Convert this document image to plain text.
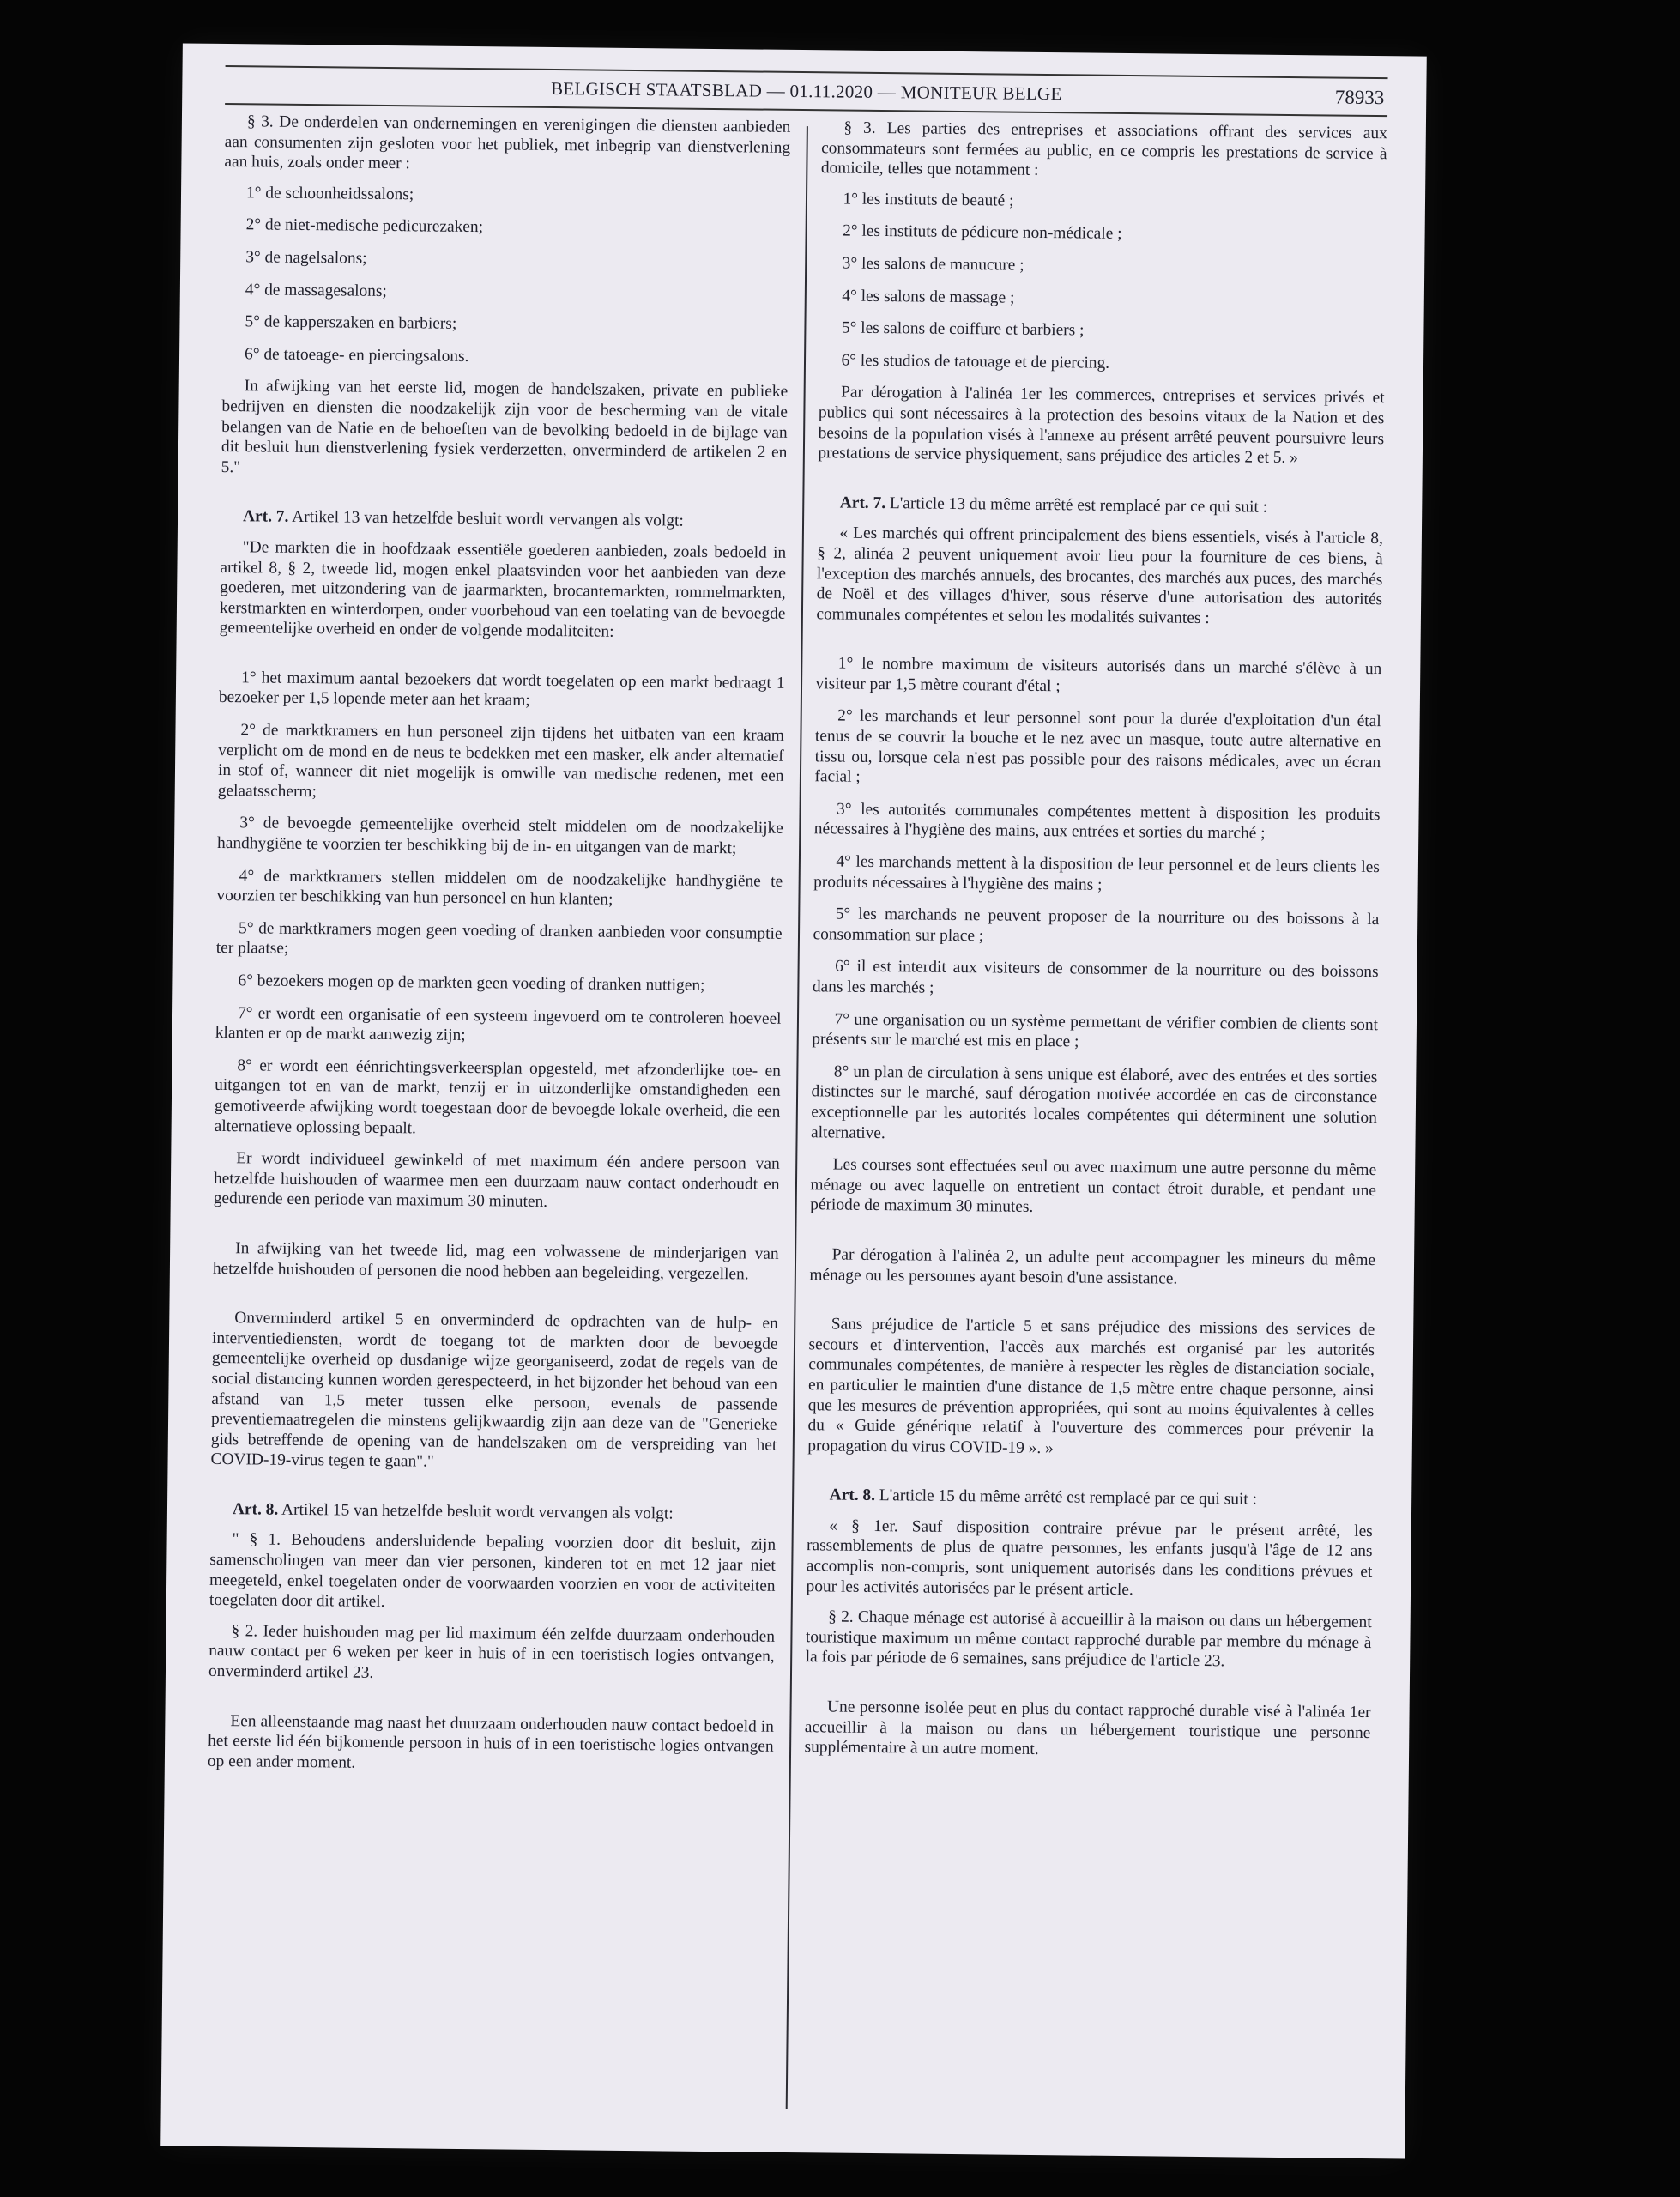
BELGISCH STAATSBLAD — 01.11.2020 — MONITEUR BELGE	78933

§ 3. De onderdelen van ondernemingen en verenigingen die diensten aanbieden aan consumenten zijn gesloten voor het publiek, met inbegrip van dienstverlening aan huis, zoals onder meer :

1° de schoonheidssalons;

2° de niet-medische pedicurezaken;

3° de nagelsalons;

4° de massagesalons;

5° de kapperszaken en barbiers;

6° de tatoeage- en piercingsalons.

In afwijking van het eerste lid, mogen de handelszaken, private en publieke bedrijven en diensten die noodzakelijk zijn voor de bescherming van de vitale belangen van de Natie en de behoeften van de bevolking bedoeld in de bijlage van dit besluit hun dienstverlening fysiek verderzetten, onverminderd de artikelen 2 en 5."

Art. 7. Artikel 13 van hetzelfde besluit wordt vervangen als volgt:

"De markten die in hoofdzaak essentiële goederen aanbieden, zoals bedoeld in artikel 8, § 2, tweede lid, mogen enkel plaatsvinden voor het aanbieden van deze goederen, met uitzondering van de jaarmarkten, brocantemarkten, rommelmarkten, kerstmarkten en winterdorpen, onder voorbehoud van een toelating van de bevoegde gemeentelijke overheid en onder de volgende modaliteiten:

1° het maximum aantal bezoekers dat wordt toegelaten op een markt bedraagt 1 bezoeker per 1,5 lopende meter aan het kraam;

2° de marktkramers en hun personeel zijn tijdens het uitbaten van een kraam verplicht om de mond en de neus te bedekken met een masker, elk ander alternatief in stof of, wanneer dit niet mogelijk is omwille van medische redenen, met een gelaatsscherm;

3° de bevoegde gemeentelijke overheid stelt middelen om de noodzakelijke handhygiëne te voorzien ter beschikking bij de in- en uitgangen van de markt;

4° de marktkramers stellen middelen om de noodzakelijke handhygiëne te voorzien ter beschikking van hun personeel en hun klanten;

5° de marktkramers mogen geen voeding of dranken aanbieden voor consumptie ter plaatse;

6° bezoekers mogen op de markten geen voeding of dranken nuttigen;

7° er wordt een organisatie of een systeem ingevoerd om te controleren hoeveel klanten er op de markt aanwezig zijn;

8° er wordt een éénrichtingsverkeersplan opgesteld, met afzonderlijke toe- en uitgangen tot en van de markt, tenzij er in uitzonderlijke omstandigheden een gemotiveerde afwijking wordt toegestaan door de bevoegde lokale overheid, die een alternatieve oplossing bepaalt.

Er wordt individueel gewinkeld of met maximum één andere persoon van hetzelfde huishouden of waarmee men een duurzaam nauw contact onderhoudt en gedurende een periode van maximum 30 minuten.

In afwijking van het tweede lid, mag een volwassene de minderjarigen van hetzelfde huishouden of personen die nood hebben aan begeleiding, vergezellen.

Onverminderd artikel 5 en onverminderd de opdrachten van de hulp- en interventiediensten, wordt de toegang tot de markten door de bevoegde gemeentelijke overheid op dusdanige wijze georganiseerd, zodat de regels van de social distancing kunnen worden gerespecteerd, in het bijzonder het behoud van een afstand van 1,5 meter tussen elke persoon, evenals de passende preventiemaatregelen die minstens gelijkwaardig zijn aan deze van de "Generieke gids betreffende de opening van de handelszaken om de verspreiding van het COVID-19-virus tegen te gaan"."

Art. 8. Artikel 15 van hetzelfde besluit wordt vervangen als volgt:

" § 1. Behoudens andersluidende bepaling voorzien door dit besluit, zijn samenscholingen van meer dan vier personen, kinderen tot en met 12 jaar niet meegeteld, enkel toegelaten onder de voorwaarden voorzien en voor de activiteiten toegelaten door dit artikel.

§ 2. Ieder huishouden mag per lid maximum één zelfde duurzaam onderhouden nauw contact per 6 weken per keer in huis of in een toeristisch logies ontvangen, onverminderd artikel 23.

Een alleenstaande mag naast het duurzaam onderhouden nauw contact bedoeld in het eerste lid één bijkomende persoon in huis of in een toeristische logies ontvangen op een ander moment.

§ 3. Les parties des entreprises et associations offrant des services aux consommateurs sont fermées au public, en ce compris les prestations de service à domicile, telles que notamment :

1° les instituts de beauté ;

2° les instituts de pédicure non-médicale ;

3° les salons de manucure ;

4° les salons de massage ;

5° les salons de coiffure et barbiers ;

6° les studios de tatouage et de piercing.

Par dérogation à l'alinéa 1er les commerces, entreprises et services privés et publics qui sont nécessaires à la protection des besoins vitaux de la Nation et des besoins de la population visés à l'annexe au présent arrêté peuvent poursuivre leurs prestations de service physiquement, sans préjudice des articles 2 et 5. »

Art. 7. L'article 13 du même arrêté est remplacé par ce qui suit :

« Les marchés qui offrent principalement des biens essentiels, visés à l'article 8, § 2, alinéa 2 peuvent uniquement avoir lieu pour la fourniture de ces biens, à l'exception des marchés annuels, des brocantes, des marchés aux puces, des marchés de Noël et des villages d'hiver, sous réserve d'une autorisation des autorités communales compétentes et selon les modalités suivantes :

1° le nombre maximum de visiteurs autorisés dans un marché s'élève à un visiteur par 1,5 mètre courant d'étal ;

2° les marchands et leur personnel sont pour la durée d'exploitation d'un étal tenus de se couvrir la bouche et le nez avec un masque, toute autre alternative en tissu ou, lorsque cela n'est pas possible pour des raisons médicales, avec un écran facial ;

3° les autorités communales compétentes mettent à disposition les produits nécessaires à l'hygiène des mains, aux entrées et sorties du marché ;

4° les marchands mettent à la disposition de leur personnel et de leurs clients les produits nécessaires à l'hygiène des mains ;

5° les marchands ne peuvent proposer de la nourriture ou des boissons à la consommation sur place ;

6° il est interdit aux visiteurs de consommer de la nourriture ou des boissons dans les marchés ;

7° une organisation ou un système permettant de vérifier combien de clients sont présents sur le marché est mis en place ;

8° un plan de circulation à sens unique est élaboré, avec des entrées et des sorties distinctes sur le marché, sauf dérogation motivée accordée en cas de circonstance exceptionnelle par les autorités locales compétentes qui déterminent une solution alternative.

Les courses sont effectuées seul ou avec maximum une autre personne du même ménage ou avec laquelle on entretient un contact étroit durable, et pendant une période de maximum 30 minutes.

Par dérogation à l'alinéa 2, un adulte peut accompagner les mineurs du même ménage ou les personnes ayant besoin d'une assistance.

Sans préjudice de l'article 5 et sans préjudice des missions des services de secours et d'intervention, l'accès aux marchés est organisé par les autorités communales compétentes, de manière à respecter les règles de distanciation sociale, en particulier le maintien d'une distance de 1,5 mètre entre chaque personne, ainsi que les mesures de prévention appropriées, qui sont au moins équivalentes à celles du « Guide générique relatif à l'ouverture des commerces pour prévenir la propagation du virus COVID-19 ». »

Art. 8. L'article 15 du même arrêté est remplacé par ce qui suit :

« § 1er. Sauf disposition contraire prévue par le présent arrêté, les rassemblements de plus de quatre personnes, les enfants jusqu'à l'âge de 12 ans accomplis non-compris, sont uniquement autorisés dans les conditions prévues et pour les activités autorisées par le présent article.

§ 2. Chaque ménage est autorisé à accueillir à la maison ou dans un hébergement touristique maximum un même contact rapproché durable par membre du ménage à la fois par période de 6 semaines, sans préjudice de l'article 23.

Une personne isolée peut en plus du contact rapproché durable visé à l'alinéa 1er accueillir à la maison ou dans un hébergement touristique une personne supplémentaire à un autre moment.
